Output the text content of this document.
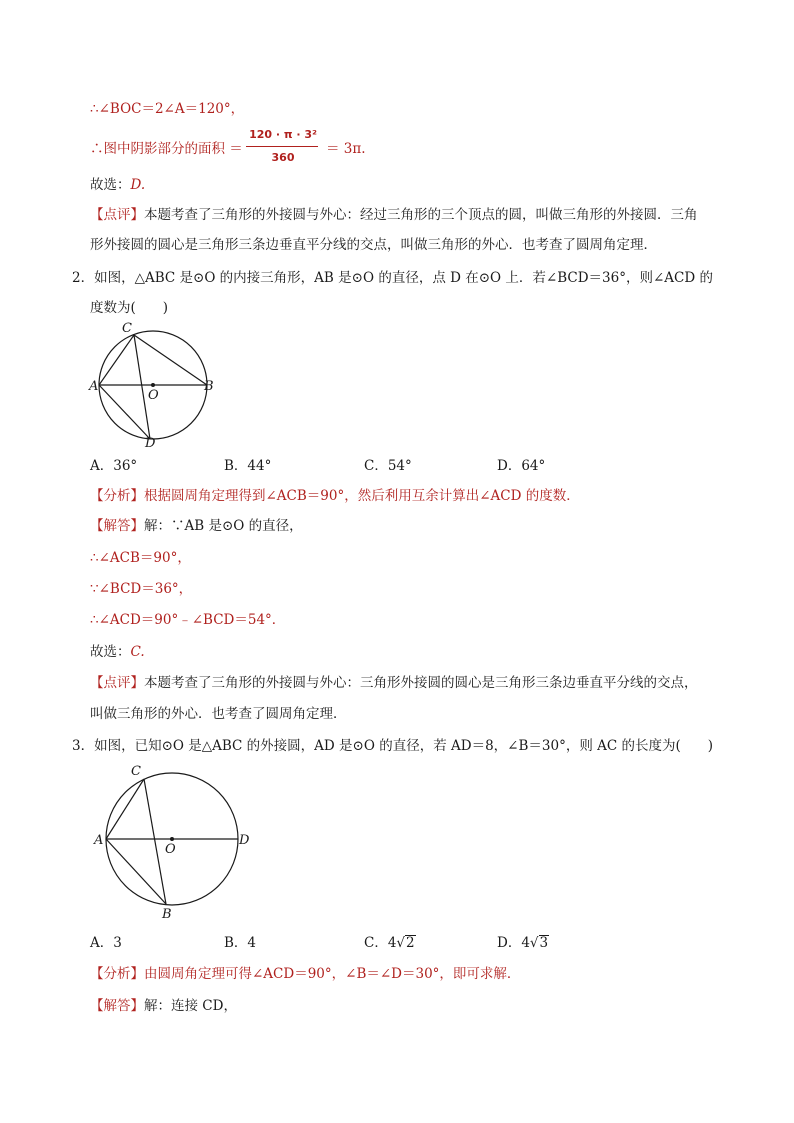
∴∠BOC＝2∠A＝120°，
∴图中阴影部分的面积 ＝
120 · π · 3²
360
＝ 3π.
故选：D.
【点评】本题考查了三角形的外接圆与外心：经过三角形的三个顶点的圆，叫做三角形的外接圆．三角
形外接圆的圆心是三角形三条边垂直平分线的交点，叫做三角形的外心．也考查了圆周角定理．
2．如图，△ABC 是⊙O 的内接三角形，AB 是⊙O 的直径，点 D 在⊙O 上．若∠BCD＝36°，则∠ACD 的
度数为(　　)
C
A	B
O
D
A．36°	B．44°	C．54°	D．64°
【分析】根据圆周角定理得到∠ACB＝90°，然后利用互余计算出∠ACD 的度数．
【解答】解：∵AB 是⊙O 的直径，
∴∠ACB＝90°，
∵∠BCD＝36°，
∴∠ACD＝90°﹣∠BCD＝54°．
故选：C.
【点评】本题考查了三角形的外接圆与外心：三角形外接圆的圆心是三角形三条边垂直平分线的交点，
叫做三角形的外心．也考查了圆周角定理．
3．如图，已知⊙O 是△ABC 的外接圆，AD 是⊙O 的直径，若 AD＝8，∠B＝30°，则 AC 的长度为(　　)
C
A	D
O
B
A．3	B．4	C．4√2	D．4√3
【分析】由圆周角定理可得∠ACD＝90°，∠B＝∠D＝30°，即可求解．
【解答】解：连接 CD，
